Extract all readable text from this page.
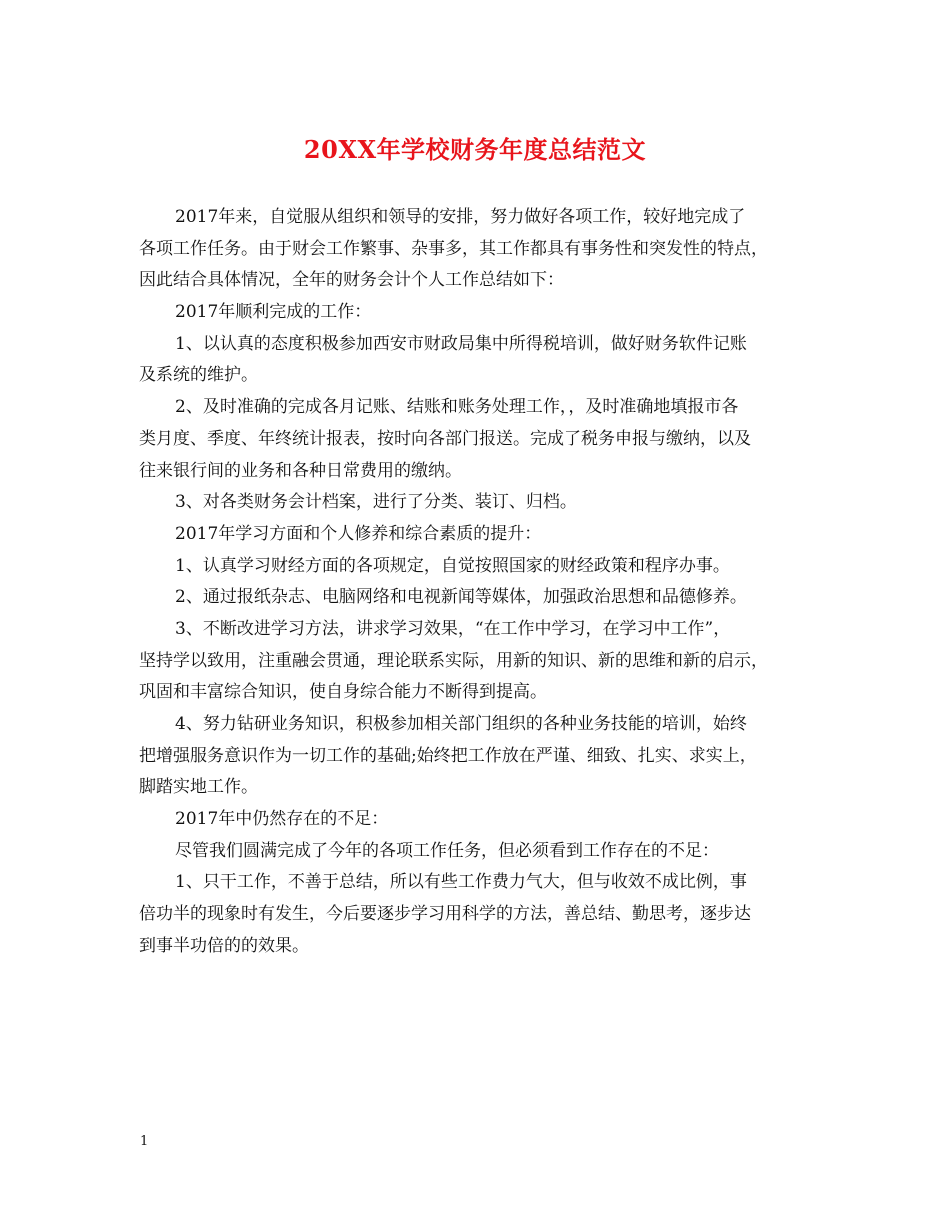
20XX年学校财务年度总结范文
2017年来，自觉服从组织和领导的安排，努力做好各项工作，较好地完成了
各项工作任务。由于财会工作繁事、杂事多，其工作都具有事务性和突发性的特点，
因此结合具体情况，全年的财务会计个人工作总结如下：
2017年顺利完成的工作：
1、以认真的态度积极参加西安市财政局集中所得税培训，做好财务软件记账
及系统的维护。
2、及时准确的完成各月记账、结账和账务处理工作，，及时准确地填报市各
类月度、季度、年终统计报表，按时向各部门报送。完成了税务申报与缴纳，以及
往来银行间的业务和各种日常费用的缴纳。
3、对各类财务会计档案，进行了分类、装订、归档。
2017年学习方面和个人修养和综合素质的提升：
1、认真学习财经方面的各项规定，自觉按照国家的财经政策和程序办事。
2、通过报纸杂志、电脑网络和电视新闻等媒体，加强政治思想和品德修养。
3、不断改进学习方法，讲求学习效果，“在工作中学习，在学习中工作”，
坚持学以致用，注重融会贯通，理论联系实际，用新的知识、新的思维和新的启示，
巩固和丰富综合知识，使自身综合能力不断得到提高。
4、努力钻研业务知识，积极参加相关部门组织的各种业务技能的培训，始终
把增强服务意识作为一切工作的基础;始终把工作放在严谨、细致、扎实、求实上，
脚踏实地工作。
2017年中仍然存在的不足：
尽管我们圆满完成了今年的各项工作任务，但必须看到工作存在的不足：
1、只干工作，不善于总结，所以有些工作费力气大，但与收效不成比例，事
倍功半的现象时有发生，今后要逐步学习用科学的方法，善总结、勤思考，逐步达
到事半功倍的的效果。
1
